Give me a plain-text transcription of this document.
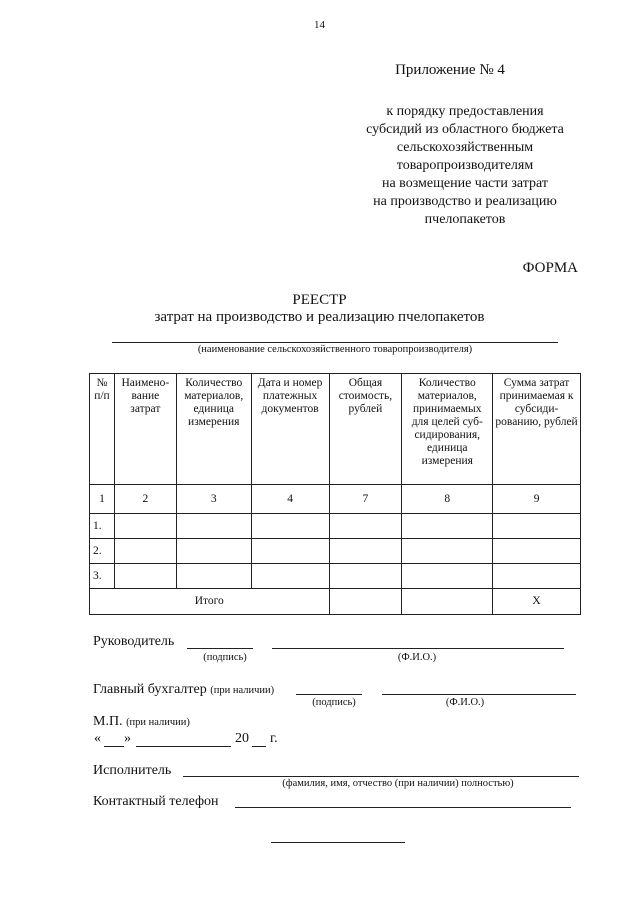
14
Приложение № 4
к порядку предоставления
субсидий из областного бюджета
сельскохозяйственным
товаропроизводителям
на возмещение части затрат
на производство и реализацию
пчелопакетов
ФОРМА
РЕЕСТР
затрат на производство и реализацию пчелопакетов
(наименование сельскохозяйственного товаропроизводителя)
№ п/п	Наимено- вание затрат	Количество материалов, единица измерения	Дата и номер платежных документов	Общая стоимость, рублей	Количество материалов, принимаемых для целей суб- сидирования, единица измерения	Сумма затрат принимаемая к субсиди- рованию, рублей
1	2	3	4	7	8	9
1.						
2.						
3.						
Итого						X
Руководитель
(подпись)	(Ф.И.О.)
Главный бухгалтер (при наличии)
(подпись)	(Ф.И.О.)
М.П. (при наличии)
« »	20 г.
Исполнитель
(фамилия, имя, отчество (при наличии) полностью)
Контактный телефон
